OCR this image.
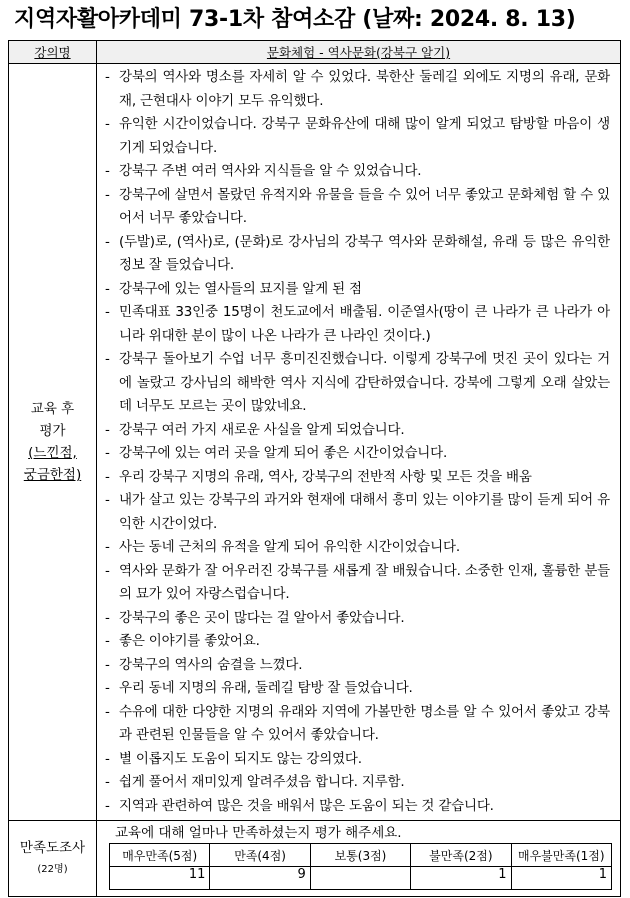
지역자활아카데미 73-1차 참여소감 (날짜: 2024. 8. 13)
강의명	문화체험 - 역사문화(강북구 알기)

교육 후
평가
(느낀점,
궁금한점)

- 강북의 역사와 명소를 자세히 알 수 있었다. 북한산 둘레길 외에도 지명의 유래, 문화재, 근현대사 이야기 모두 유익했다.
- 유익한 시간이었습니다. 강북구 문화유산에 대해 많이 알게 되었고 탐방할 마음이 생기게 되었습니다.
- 강북구 주변 여러 역사와 지식들을 알 수 있었습니다.
- 강북구에 살면서 몰랐던 유적지와 유물을 들을 수 있어 너무 좋았고 문화체험 할 수 있어서 너무 좋았습니다.
- (두발)로, (역사)로, (문화)로 강사님의 강북구 역사와 문화해설, 유래 등 많은 유익한 정보 잘 들었습니다.
- 강북구에 있는 열사들의 묘지를 알게 된 점
- 민족대표 33인중 15명이 천도교에서 배출됨. 이준열사(땅이 큰 나라가 큰 나라가 아니라 위대한 분이 많이 나온 나라가 큰 나라인 것이다.)
- 강북구 돌아보기 수업 너무 흥미진진했습니다. 이렇게 강북구에 멋진 곳이 있다는 거에 놀랐고 강사님의 해박한 역사 지식에 감탄하였습니다. 강북에 그렇게 오래 살았는데 너무도 모르는 곳이 많았네요.
- 강북구 여러 가지 새로운 사실을 알게 되었습니다.
- 강북구에 있는 여러 곳을 알게 되어 좋은 시간이었습니다.
- 우리 강북구 지명의 유래, 역사, 강북구의 전반적 사항 및 모든 것을 배움
- 내가 살고 있는 강북구의 과거와 현재에 대해서 흥미 있는 이야기를 많이 듣게 되어 유익한 시간이었다.
- 사는 동네 근처의 유적을 알게 되어 유익한 시간이었습니다.
- 역사와 문화가 잘 어우러진 강북구를 새롭게 잘 배웠습니다. 소중한 인재, 훌륭한 분들의 묘가 있어 자랑스럽습니다.
- 강북구의 좋은 곳이 많다는 걸 알아서 좋았습니다.
- 좋은 이야기를 좋았어요.
- 강북구의 역사의 숨결을 느꼈다.
- 우리 동네 지명의 유래, 둘레길 탐방 잘 들었습니다.
- 수유에 대한 다양한 지명의 유래와 지역에 가볼만한 명소를 알 수 있어서 좋았고 강북과 관련된 인물들을 알 수 있어서 좋았습니다.
- 별 이롭지도 도움이 되지도 않는 강의였다.
- 쉽게 풀어서 재미있게 알려주셨음 합니다. 지루함.
- 지역과 관련하여 많은 것을 배워서 많은 도움이 되는 것 같습니다.

만족도조사
(22명)

교육에 대해 얼마나 만족하셨는지 평가 해주세요.
매우만족(5점)	만족(4점)	보통(3점)	불만족(2점)	매우불만족(1점)
11	9		1	1
